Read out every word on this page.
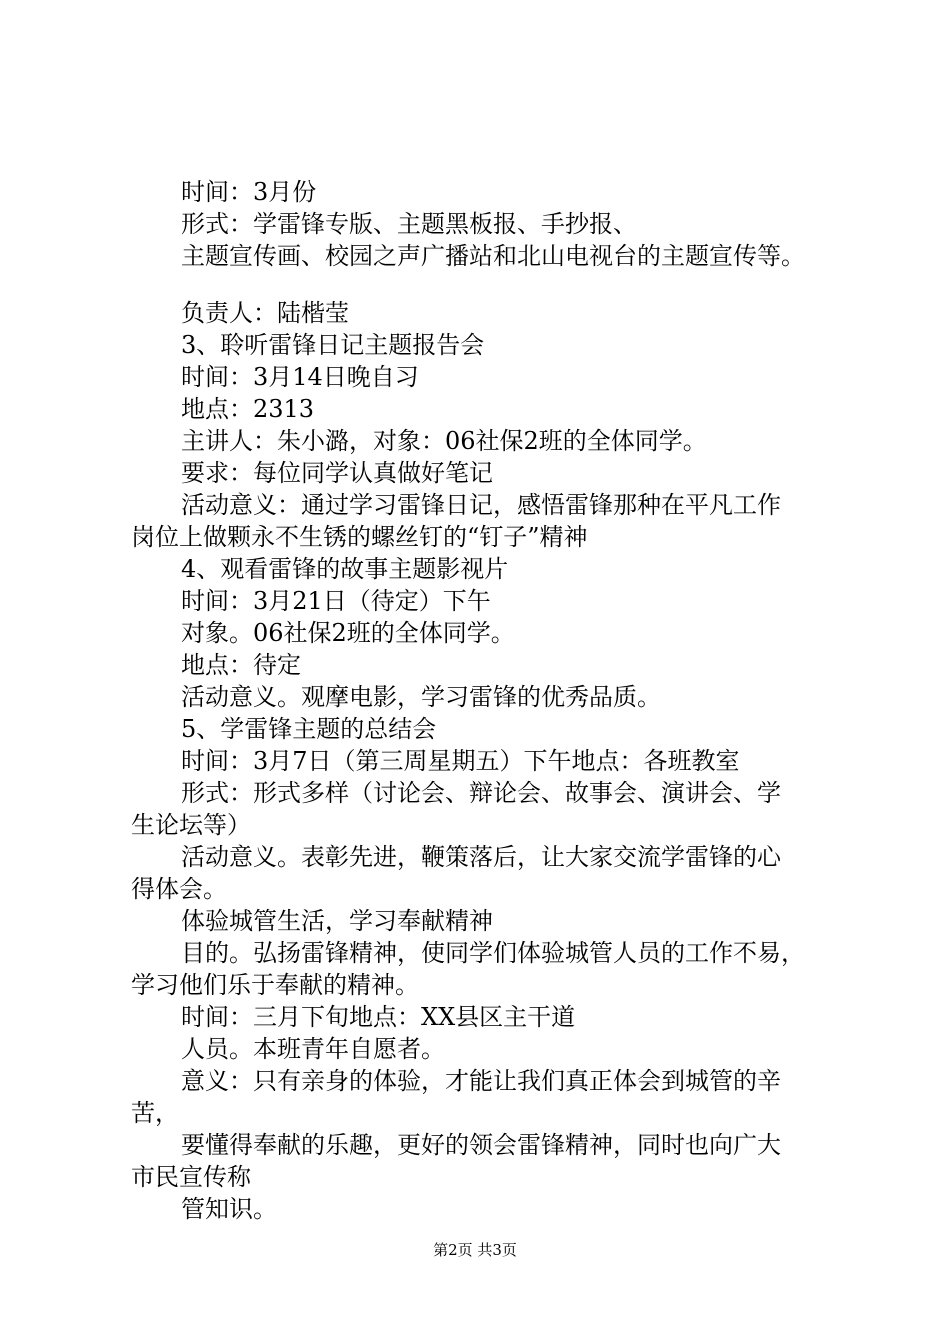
时间：3月份
形式：学雷锋专版、主题黑板报、手抄报、
主题宣传画、校园之声广播站和北山电视台的主题宣传等。
负责人：陆楷莹
3、聆听雷锋日记主题报告会
时间：3月14日晚自习
地点：2313
主讲人：朱小潞，对象：06社保2班的全体同学。
要求：每位同学认真做好笔记
活动意义：通过学习雷锋日记，感悟雷锋那种在平凡工作
岗位上做颗永不生锈的螺丝钉的“钉子”精神
4、观看雷锋的故事主题影视片
时间：3月21日（待定）下午
对象。06社保2班的全体同学。
地点：待定
活动意义。观摩电影，学习雷锋的优秀品质。
5、学雷锋主题的总结会
时间：3月7日（第三周星期五）下午地点：各班教室
形式：形式多样（讨论会、辩论会、故事会、演讲会、学
生论坛等）
活动意义。表彰先进，鞭策落后，让大家交流学雷锋的心
得体会。
体验城管生活，学习奉献精神
目的。弘扬雷锋精神，使同学们体验城管人员的工作不易，
学习他们乐于奉献的精神。
时间：三月下旬地点：XX县区主干道
人员。本班青年自愿者。
意义：只有亲身的体验，才能让我们真正体会到城管的辛
苦，
要懂得奉献的乐趣，更好的领会雷锋精神，同时也向广大
市民宣传称
管知识。
第2页 共3页
